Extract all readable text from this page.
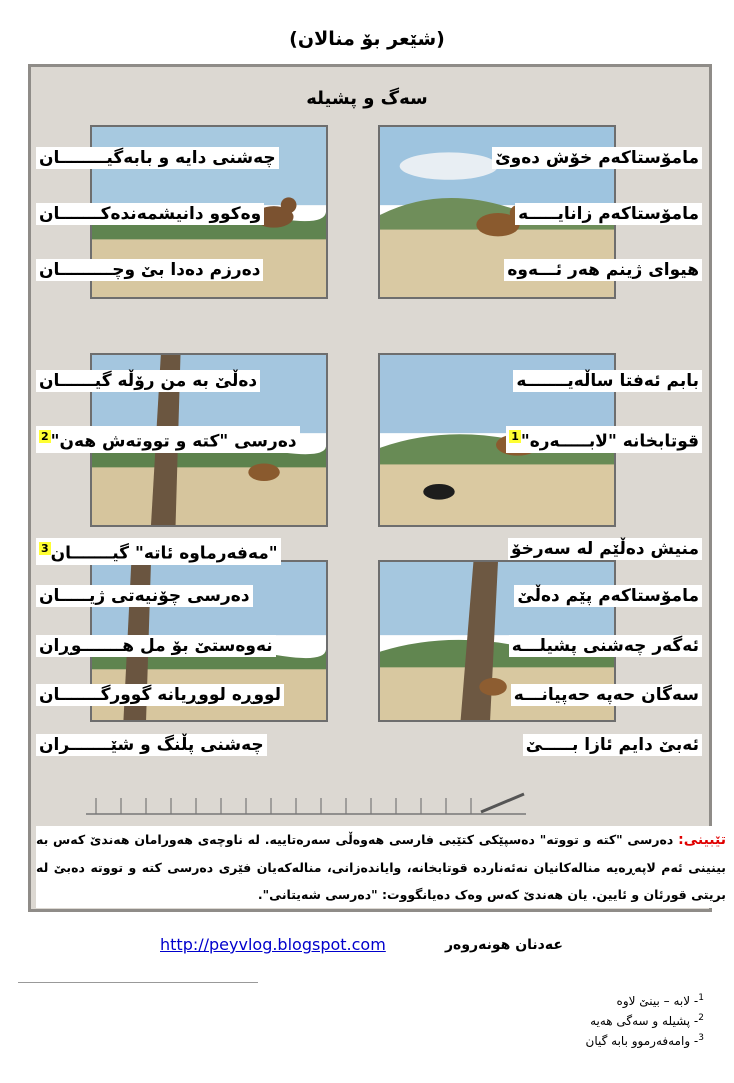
(شێعر بۆ منالان)
سەگ و پشیلە
مامۆستاکەم خۆش دەوێ
مامۆستاکەم زانایـــــە
هیوای ژینم هەر ئـــەوە
چەشنی دایە و بابەگیــــــــان
وەکوو دانیشمەندەکـــــــان
دەرزم دەدا بێ وچـــــــــان
بابم ئەفتا ساڵەیـــــــە
قوتابخانە "لابـــــەرە"$^1$
دەڵێ بە من رۆڵە گیــــــان
دەرسی "کتە و تووتەش هەن"$^2$
منیش دەڵێم لە سەرخۆ
مامۆستاکەم پێم دەڵێ
ئەگەر چەشنی پشیلـــە
سەگان حەپە حەپیانـــە
ئەبێ دایم ئازا بـــــێ
"مەفەرماوە ئاتە" گیـــــــان$^3$
دەرسی چۆنیەتی ژیـــــان
نەوەستێ بۆ مل هـــــــوڕان
لووڕە لووڕیانە گوورگـــــــان
چەشنی پڵنگ و شێـــــــران
تێبینی: دەرسی "کتە و تووتە" دەسپێکی کتێبی فارسی هەوەڵی سەرەتاییە. لە ناوچەی هەورامان هەندێ کەس بە بینینی ئەم لاپەڕەیە منالەکانیان نەئەناردە قوتابخانە، وایاندەزانی، منالەکەیان فێری دەرسی کتە و تووتە دەبێ لە بریتی قورئان و ئایین. یان هەندێ کەس وەک دەیانگووت: "دەرسی شەیتانی".
http://peyvlog.blogspot.com	عەدنان هونەروەر
$^1$- لابە – بینێ لاوە
$^2$- پشیلە و سەگی هەیە
$^3$- وامەفەرموو بابە گیان
